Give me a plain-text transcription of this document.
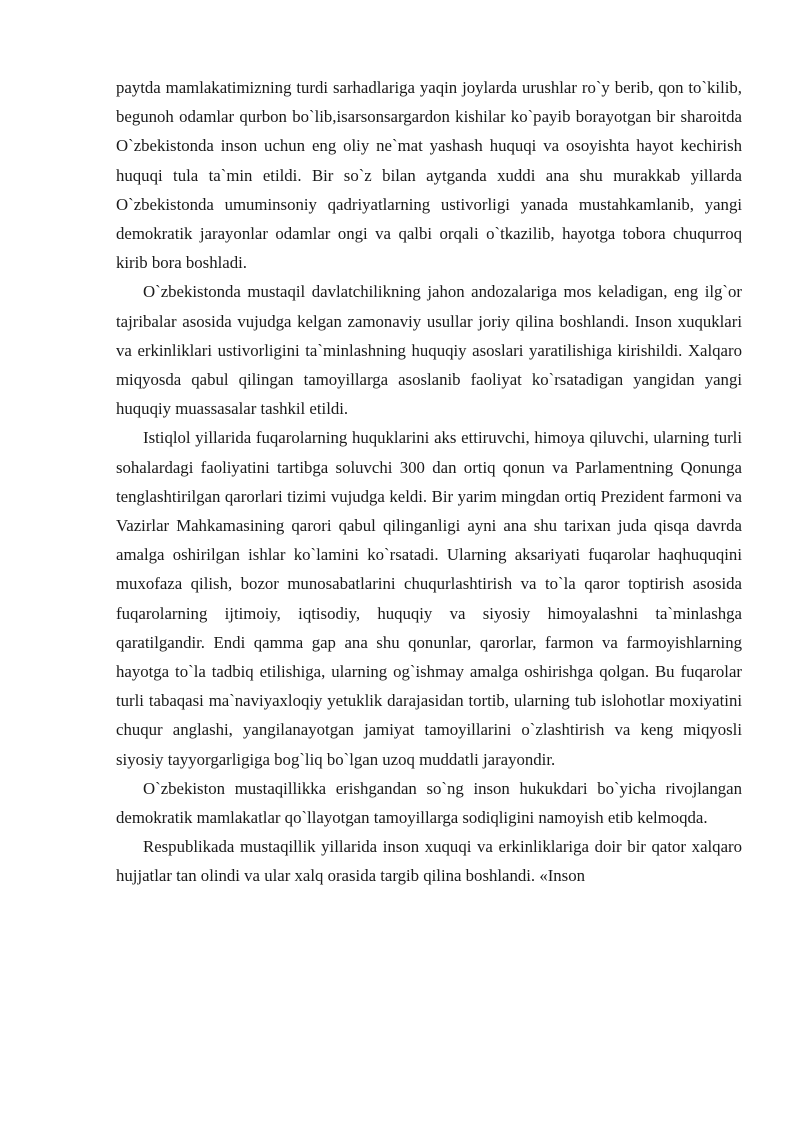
paytda mamlakatimizning turdi sarhadlariga yaqin joylarda urushlar ro`y berib, qon to`kilib, begunoh odamlar qurbon bo`lib,isarsonsargardon kishilar ko`payib borayotgan bir sharoitda O`zbekistonda inson uchun eng oliy ne`mat yashash huquqi va osoyishta hayot kechirish huquqi tula ta`min etildi. Bir so`z bilan aytganda xuddi ana shu murakkab yillarda O`zbekistonda umuminsoniy qadriyatlarning ustivorligi yanada mustahkamlanib, yangi demokratik jarayonlar odamlar ongi va qalbi orqali o`tkazilib, hayotga tobora chuqurroq kirib bora boshladi.

O`zbekistonda mustaqil davlatchilikning jahon andozalariga mos keladigan, eng ilg`or tajribalar asosida vujudga kelgan zamonaviy usullar joriy qilina boshlandi. Inson xuquklari va erkinliklari ustivorligini ta`minlashning huquqiy asoslari yaratilishiga kirishildi. Xalqaro miqyosda qabul qilingan tamoyillarga asoslanib faoliyat ko`rsatadigan yangidan yangi huquqiy muassasalar tashkil etildi.

Istiqlol yillarida fuqarolarning huquklarini aks ettiruvchi, himoya qiluvchi, ularning turli sohalardagi faoliyatini tartibga soluvchi 300 dan ortiq qonun va Parlamentning Qonunga tenglashtirilgan qarorlari tizimi vujudga keldi. Bir yarim mingdan ortiq Prezident farmoni va Vazirlar Mahkamasining qarori qabul qilinganligi ayni ana shu tarixan juda qisqa davrda amalga oshirilgan ishlar ko`lamini ko`rsatadi. Ularning aksariyati fuqarolar haqhuquqini muxofaza qilish, bozor munosabatlarini chuqurlashtirish va to`la qaror toptirish asosida fuqarolarning ijtimoiy, iqtisodiy, huquqiy va siyosiy himoyalashni ta`minlashga qaratilgandir. Endi qamma gap ana shu qonunlar, qarorlar, farmon va farmoyishlarning hayotga to`la tadbiq etilishiga, ularning og`ishmay amalga oshirishga qolgan. Bu fuqarolar turli tabaqasi ma`naviyaxloqiy yetuklik darajasidan tortib, ularning tub islohotlar moxiyatini chuqur anglashi, yangilanayotgan jamiyat tamoyillarini o`zlashtirish va keng miqyosli siyosiy tayyorgarligiga bog`liq bo`lgan uzoq muddatli jarayondir.

O`zbekiston mustaqillikka erishgandan so`ng inson hukukdari bo`yicha rivojlangan demokratik mamlakatlar qo`llayotgan tamoyillarga sodiqligini namoyish etib kelmoqda.

Respublikada mustaqillik yillarida inson xuquqi va erkinliklariga doir bir qator xalqaro hujjatlar tan olindi va ular xalq orasida targib qilina boshlandi. «Inson
